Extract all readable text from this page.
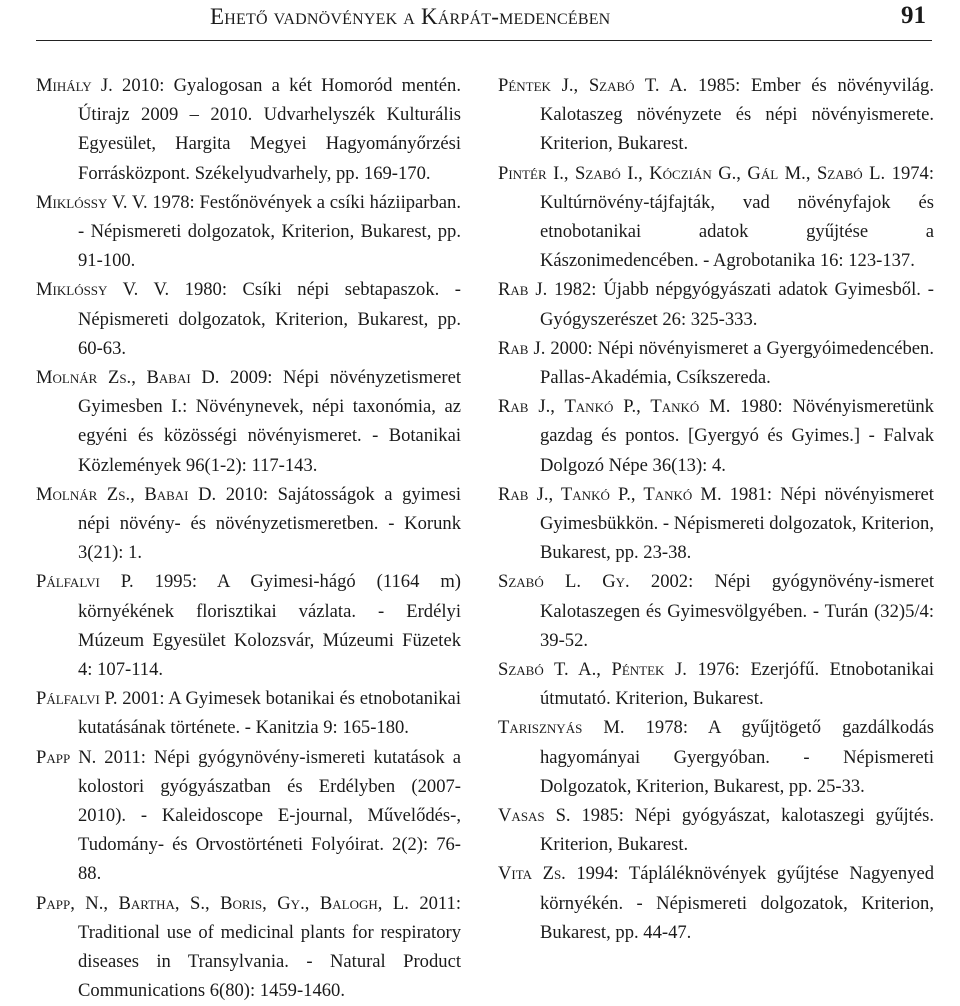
Ehető vadnövények a Kárpát-medencében	91

Mihály J. 2010: Gyalogosan a két Homoród mentén. Útirajz 2009 – 2010. Udvarhelyszék Kulturális Egyesület, Hargita Megyei Hagyományőrzési Forrásközpont. Székelyudvarhely, pp. 169-170.

Miklóssy V. V. 1978: Festőnövények a csíki háziiparban. - Népismereti dolgozatok, Kriterion, Bukarest, pp. 91-100.

Miklóssy V. V. 1980: Csíki népi sebtapaszok. - Népismereti dolgozatok, Kriterion, Bukarest, pp. 60-63.

Molnár Zs., Babai D. 2009: Népi növényzetismeret Gyimesben I.: Növénynevek, népi taxonómia, az egyéni és közösségi növényismeret. - Botanikai Közlemények 96(1-2): 117-143.

Molnár Zs., Babai D. 2010: Sajátosságok a gyimesi népi növény- és növényzetismeretben. - Korunk 3(21): 1.

Pálfalvi P. 1995: A Gyimesi-hágó (1164 m) környékének florisztikai vázlata. - Erdélyi Múzeum Egyesület Kolozsvár, Múzeumi Füzetek 4: 107-114.

Pálfalvi P. 2001: A Gyimesek botanikai és etnobotanikai kutatásának története. - Kanitzia 9: 165-180.

Papp N. 2011: Népi gyógynövény-ismereti kutatások a kolostori gyógyászatban és Erdélyben (2007-2010). - Kaleidoscope E-journal, Művelődés-, Tudomány- és Orvostörténeti Folyóirat. 2(2): 76-88.

Papp, N., Bartha, S., Boris, Gy., Balogh, L. 2011: Traditional use of medicinal plants for respiratory diseases in Transylvania. - Natural Product Communications 6(80): 1459-1460.

Péntek J., Szabó T. A. 1985: Ember és növényvilág. Kalotaszeg növényzete és népi növényismerete. Kriterion, Bukarest.

Pintér I., Szabó I., Kóczián G., Gál M., Szabó L. 1974: Kultúrnövény-tájfajták, vad növényfajok és etnobotanikai adatok gyűjtése a Kászonimedencében. - Agrobotanika 16: 123-137.

Rab J. 1982: Újabb népgyógyászati adatok Gyimesből. - Gyógyszerészet 26: 325-333.

Rab J. 2000: Népi növényismeret a Gyergyóimedencében. Pallas-Akadémia, Csíkszereda.

Rab J., Tankó P., Tankó M. 1980: Növényismeretünk gazdag és pontos. [Gyergyó és Gyimes.] - Falvak Dolgozó Népe 36(13): 4.

Rab J., Tankó P., Tankó M. 1981: Népi növényismeret Gyimesbükkön. - Népismereti dolgozatok, Kriterion, Bukarest, pp. 23-38.

Szabó L. Gy. 2002: Népi gyógynövény-ismeret Kalotaszegen és Gyimesvölgyében. - Turán (32)5/4: 39-52.

Szabó T. A., Péntek J. 1976: Ezerjófű. Etnobotanikai útmutató. Kriterion, Bukarest.

Tarisznyás M. 1978: A gyűjtögető gazdálkodás hagyományai Gyergyóban. - Népismereti Dolgozatok, Kriterion, Bukarest, pp. 25-33.

Vasas S. 1985: Népi gyógyászat, kalotaszegi gyűjtés. Kriterion, Bukarest.

Vita Zs. 1994: Tápláléknövények gyűjtése Nagyenyed környékén. - Népismereti dolgozatok, Kriterion, Bukarest, pp. 44-47.
